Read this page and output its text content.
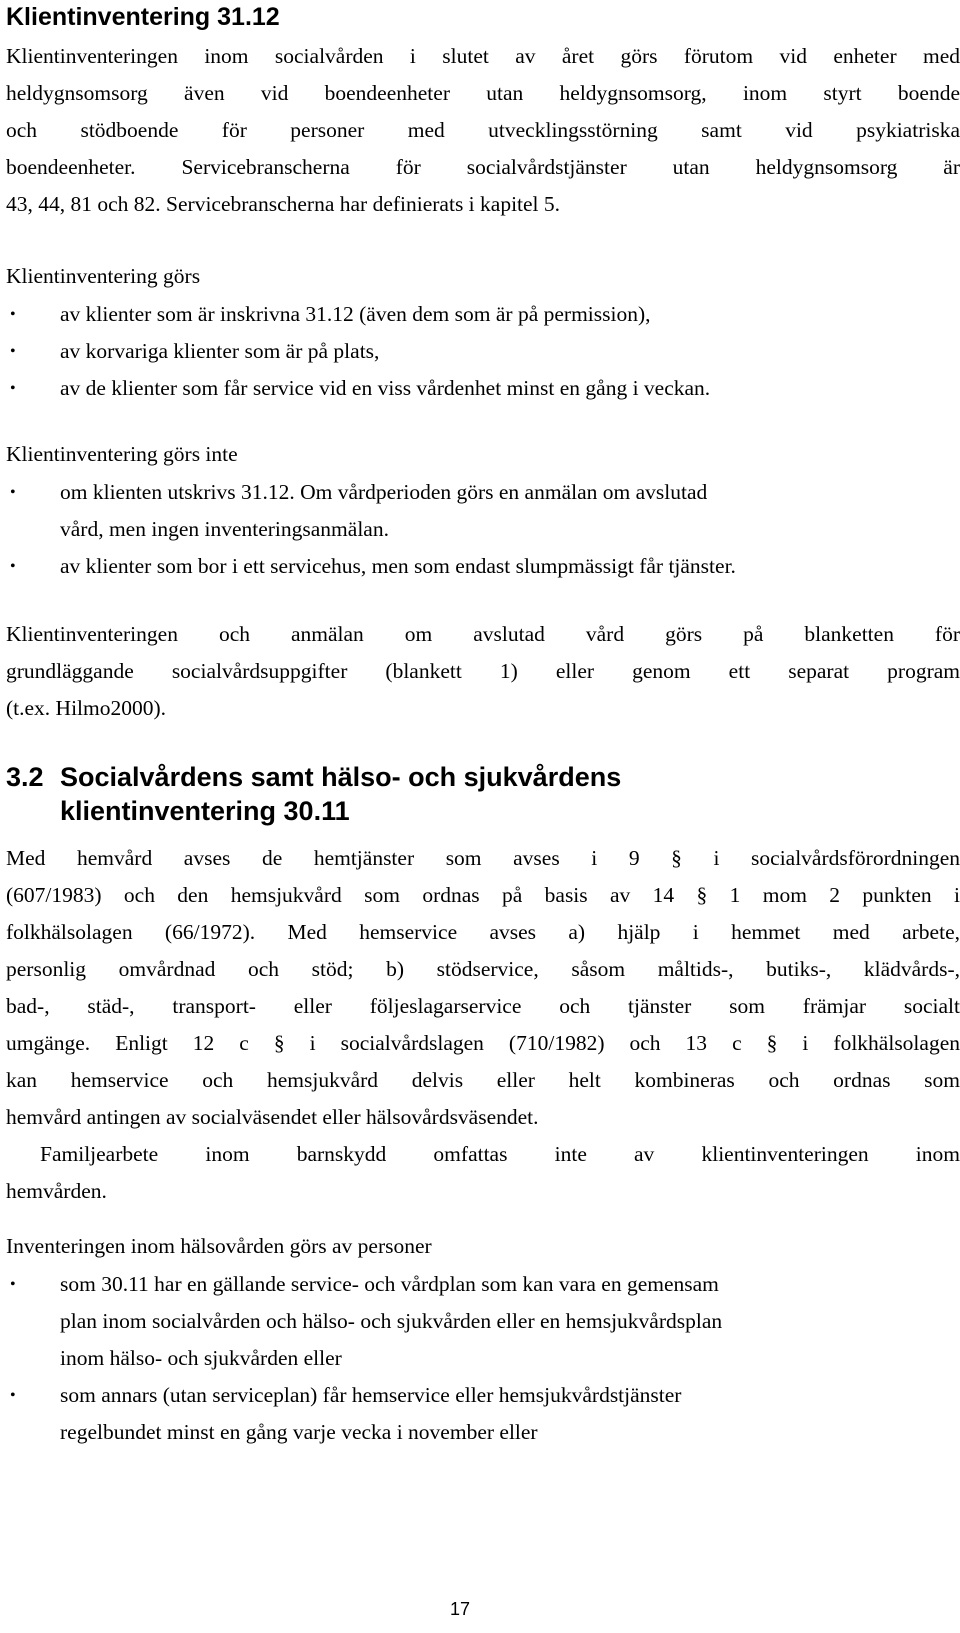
Klientinventering 31.12

Klientinventeringen inom socialvården i slutet av året görs förutom vid enheter med
heldygnsomsorg även vid boendeenheter utan heldygnsomsorg, inom styrt boende
och stödboende för personer med utvecklingsstörning samt vid psykiatriska
boendeenheter. Servicebranscherna för socialvårdstjänster utan heldygnsomsorg är
43, 44, 81 och 82. Servicebranscherna har definierats i kapitel 5.

Klientinventering görs

• av klienter som är inskrivna 31.12 (även dem som är på permission),
• av korvariga klienter som är på plats,
• av de klienter som får service vid en viss vårdenhet minst en gång i veckan.

Klientinventering görs inte

• om klienten utskrivs 31.12. Om vårdperioden görs en anmälan om avslutad
vård, men ingen inventeringsanmälan.
• av klienter som bor i ett servicehus, men som endast slumpmässigt får tjänster.

Klientinventeringen och anmälan om avslutad vård görs på blanketten för
grundläggande socialvårdsuppgifter (blankett 1) eller genom ett separat program
(t.ex. Hilmo2000).

3.2 Socialvårdens samt hälso- och sjukvårdens
klientinventering 30.11

Med hemvård avses de hemtjänster som avses i 9 § i socialvårdsförordningen
(607/1983) och den hemsjukvård som ordnas på basis av 14 § 1 mom 2 punkten i
folkhälsolagen (66/1972). Med hemservice avses a) hjälp i hemmet med arbete,
personlig omvårdnad och stöd; b) stödservice, såsom måltids-, butiks-, klädvårds-,
bad-, städ-, transport- eller följeslagarservice och tjänster som främjar socialt
umgänge. Enligt 12 c § i socialvårdslagen (710/1982) och 13 c § i folkhälsolagen
kan hemservice och hemsjukvård delvis eller helt kombineras och ordnas som
hemvård antingen av socialväsendet eller hälsovårdsväsendet.

Familjearbete inom barnskydd omfattas inte av klientinventeringen inom
hemvården.

Inventeringen inom hälsovården görs av personer

• som 30.11 har en gällande service- och vårdplan som kan vara en gemensam
plan inom socialvården och hälso- och sjukvården eller en hemsjukvårdsplan
inom hälso- och sjukvården eller
• som annars (utan serviceplan) får hemservice eller hemsjukvårdstjänster
regelbundet minst en gång varje vecka i november eller
17
